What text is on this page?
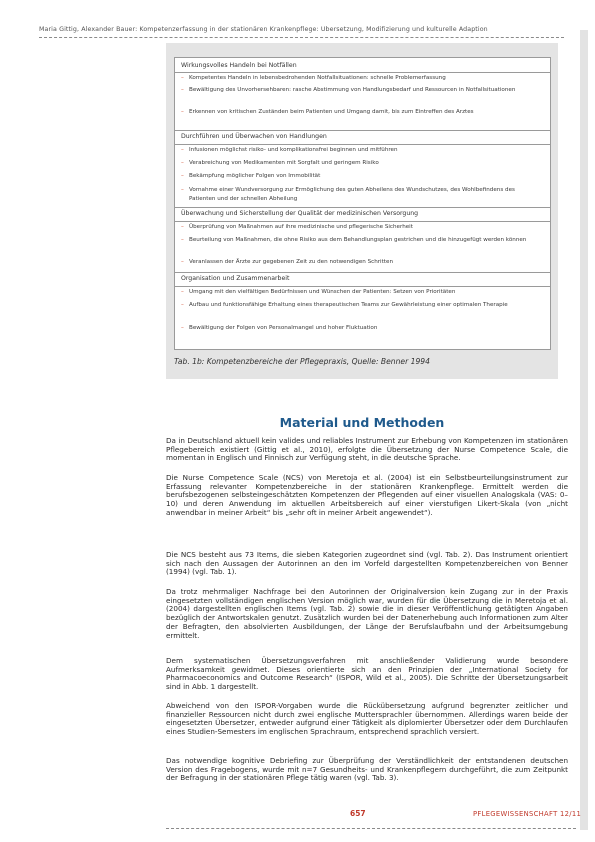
Maria Gittig, Alexander Bauer: Kompetenzerfassung in der stationären Krankenpflege: Übersetzung, Modifizierung und kulturelle Adaption
Wirkungsvolles Handeln bei Notfällen
– Kompetentes Handeln in lebensbedrohenden Notfallsituationen: schnelle Problemerfassung
– Bewältigung des Unvorhersehbaren: rasche Abstimmung von Handlungsbedarf und Ressourcen in Notfallsituationen
– Erkennen von kritischen Zuständen beim Patienten und Umgang damit, bis zum Eintreffen des Arztes
Durchführen und Überwachen von Handlungen
– Infusionen möglichst risiko- und komplikationsfrei beginnen und mitführen
– Verabreichung von Medikamenten mit Sorgfalt und geringem Risiko
– Bekämpfung möglicher Folgen von Immobilität
– Vornahme einer Wundversorgung zur Ermöglichung des guten Abheilens des Wundschutzes, des Wohlbefindens des Patienten und der schnellen Abheilung
Überwachung und Sicherstellung der Qualität der medizinischen Versorgung
– Überprüfung von Maßnahmen auf ihre medizinische und pflegerische Sicherheit
– Beurteilung von Maßnahmen, die ohne Risiko aus dem Behandlungsplan gestrichen und die hinzugefügt werden können
– Veranlassen der Ärzte zur gegebenen Zeit zu den notwendigen Schritten
Organisation und Zusammenarbeit
– Umgang mit den vielfältigen Bedürfnissen und Wünschen der Patienten: Setzen von Prioritäten
– Aufbau und funktionsfähige Erhaltung eines therapeutischen Teams zur Gewährleistung einer optimalen Therapie
– Bewältigung der Folgen von Personalmangel und hoher Fluktuation
Tab. 1b: Kompetenzbereiche der Pflegepraxis, Quelle: Benner 1994
Material und Methoden
Da in Deutschland aktuell kein valides und reliables Instrument zur Erhebung von Kompetenzen im stationären Pflegebereich existiert (Gittig et al., 2010), erfolgte die Übersetzung der Nurse Competence Scale, die momentan in Englisch und Finnisch zur Verfügung steht, in die deutsche Sprache.
Die Nurse Competence Scale (NCS) von Meretoja et al. (2004) ist ein Selbstbeurteilungsinstrument zur Erfassung relevanter Kompetenzbereiche in der stationären Krankenpflege. Ermittelt werden die berufsbezogenen selbsteingeschätzten Kompetenzen der Pflegenden auf einer visuellen Analogskala (VAS: 0–10) und deren Anwendung im aktuellen Arbeitsbereich auf einer vierstufigen Likert-Skala (von „nicht anwendbar in meiner Arbeit“ bis „sehr oft in meiner Arbeit angewendet“).
Die NCS besteht aus 73 Items, die sieben Kategorien zugeordnet sind (vgl. Tab. 2). Das Instrument orientiert sich nach den Aussagen der Autorinnen an den im Vorfeld dargestellten Kompetenzbereichen von Benner (1994) (vgl. Tab. 1).
Da trotz mehrmaliger Nachfrage bei den Autorinnen der Originalversion kein Zugang zur in der Praxis eingesetzten vollständigen englischen Version möglich war, wurden für die Übersetzung die in Meretoja et al. (2004) dargestellten englischen Items (vgl. Tab. 2) sowie die in dieser Veröffentlichung getätigten Angaben bezüglich der Antwortskalen genutzt. Zusätzlich wurden bei der Datenerhebung auch Informationen zum Alter der Befragten, den absolvierten Ausbildungen, der Länge der Berufslaufbahn und der Arbeitsumgebung ermittelt.
Dem systematischen Übersetzungsverfahren mit anschließender Validierung wurde besondere Aufmerksamkeit gewidmet. Dieses orientierte sich an den Prinzipien der „International Society for Pharmacoeconomics and Outcome Research“ (ISPOR, Wild et al., 2005). Die Schritte der Übersetzungsarbeit sind in Abb. 1 dargestellt.
Abweichend von den ISPOR-Vorgaben wurde die Rückübersetzung aufgrund begrenzter zeitlicher und finanzieller Ressourcen nicht durch zwei englische Muttersprachler übernommen. Allerdings waren beide der eingesetzten Übersetzer, entweder aufgrund einer Tätigkeit als diplomierter Übersetzer oder dem Durchlaufen eines Studien-Semesters im englischen Sprachraum, entsprechend sprachlich versiert.
Das notwendige kognitive Debriefing zur Überprüfung der Verständlichkeit der entstandenen deutschen Version des Fragebogens, wurde mit n=7 Gesundheits- und Krankenpflegern durchgeführt, die zum Zeitpunkt der Befragung in der stationären Pflege tätig waren (vgl. Tab. 3).
657	PFLEGEWISSENSCHAFT 12/11
